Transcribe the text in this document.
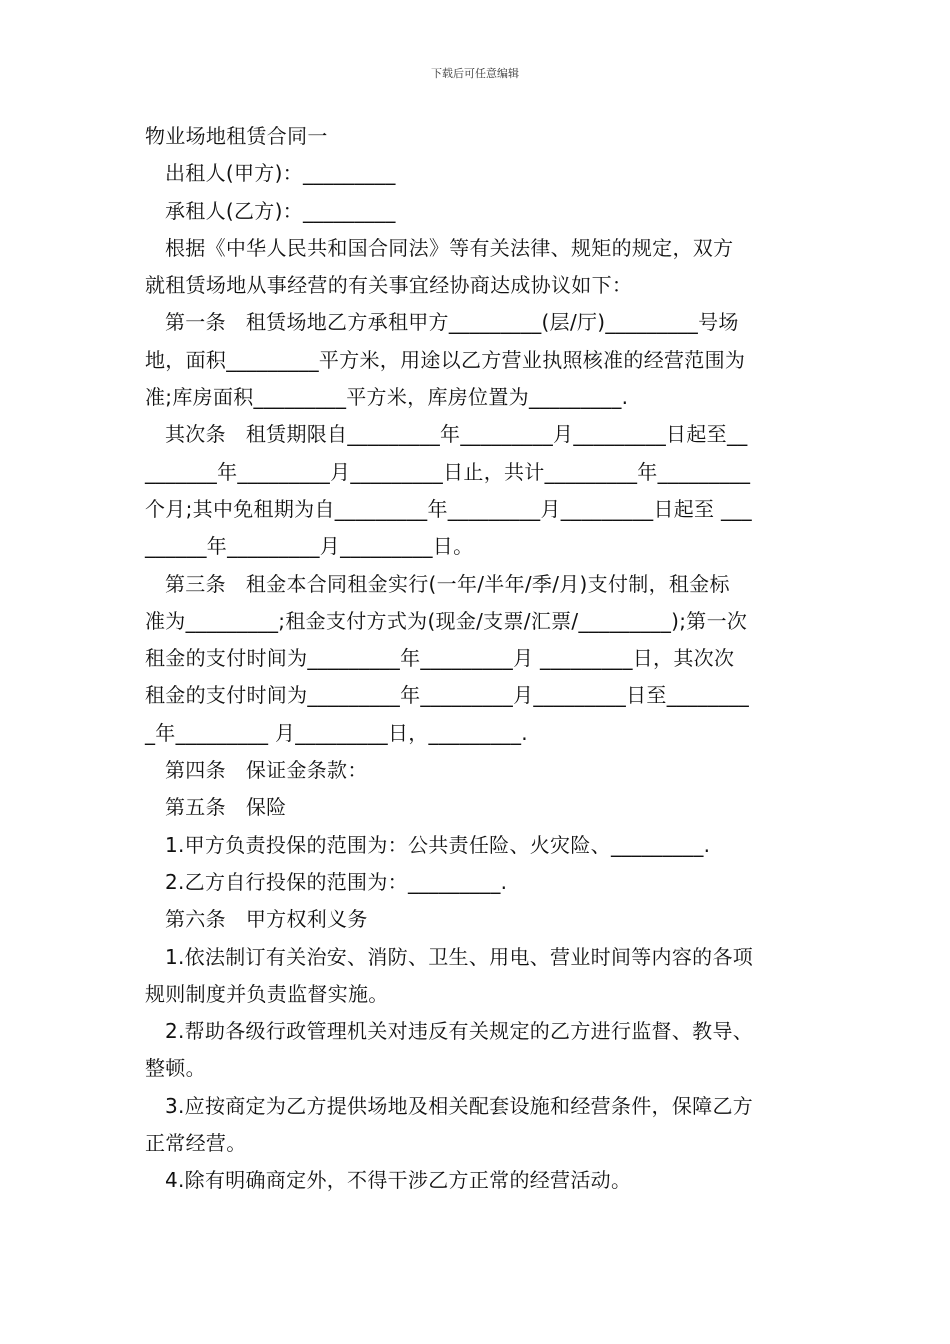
下载后可任意编辑
物业场地租赁合同一
出租人(甲方)：_________
承租人(乙方)：_________
根据《中华人民共和国合同法》等有关法律、规矩的规定，双方
就租赁场地从事经营的有关事宜经协商达成协议如下：
第一条   租赁场地乙方承租甲方_________(层/厅)_________号场
地，面积_________平方米，用途以乙方营业执照核准的经营范围为
准;库房面积_________平方米，库房位置为_________.
其次条   租赁期限自_________年_________月_________日起至__
_______年_________月_________日止，共计_________年_________
个月;其中免租期为自_________年_________月_________日起至 ___
______年_________月_________日。
第三条   租金本合同租金实行(一年/半年/季/月)支付制，租金标
准为_________;租金支付方式为(现金/支票/汇票/_________);第一次
租金的支付时间为_________年_________月 _________日，其次次
租金的支付时间为_________年_________月_________日至________
_年_________ 月_________日，_________.
第四条   保证金条款：
第五条   保险
1.甲方负责投保的范围为：公共责任险、火灾险、_________.
2.乙方自行投保的范围为：_________.
第六条   甲方权利义务
1.依法制订有关治安、消防、卫生、用电、营业时间等内容的各项
规则制度并负责监督实施。
2.帮助各级行政管理机关对违反有关规定的乙方进行监督、教导、
整顿。
3.应按商定为乙方提供场地及相关配套设施和经营条件，保障乙方
正常经营。
4.除有明确商定外，不得干涉乙方正常的经营活动。
